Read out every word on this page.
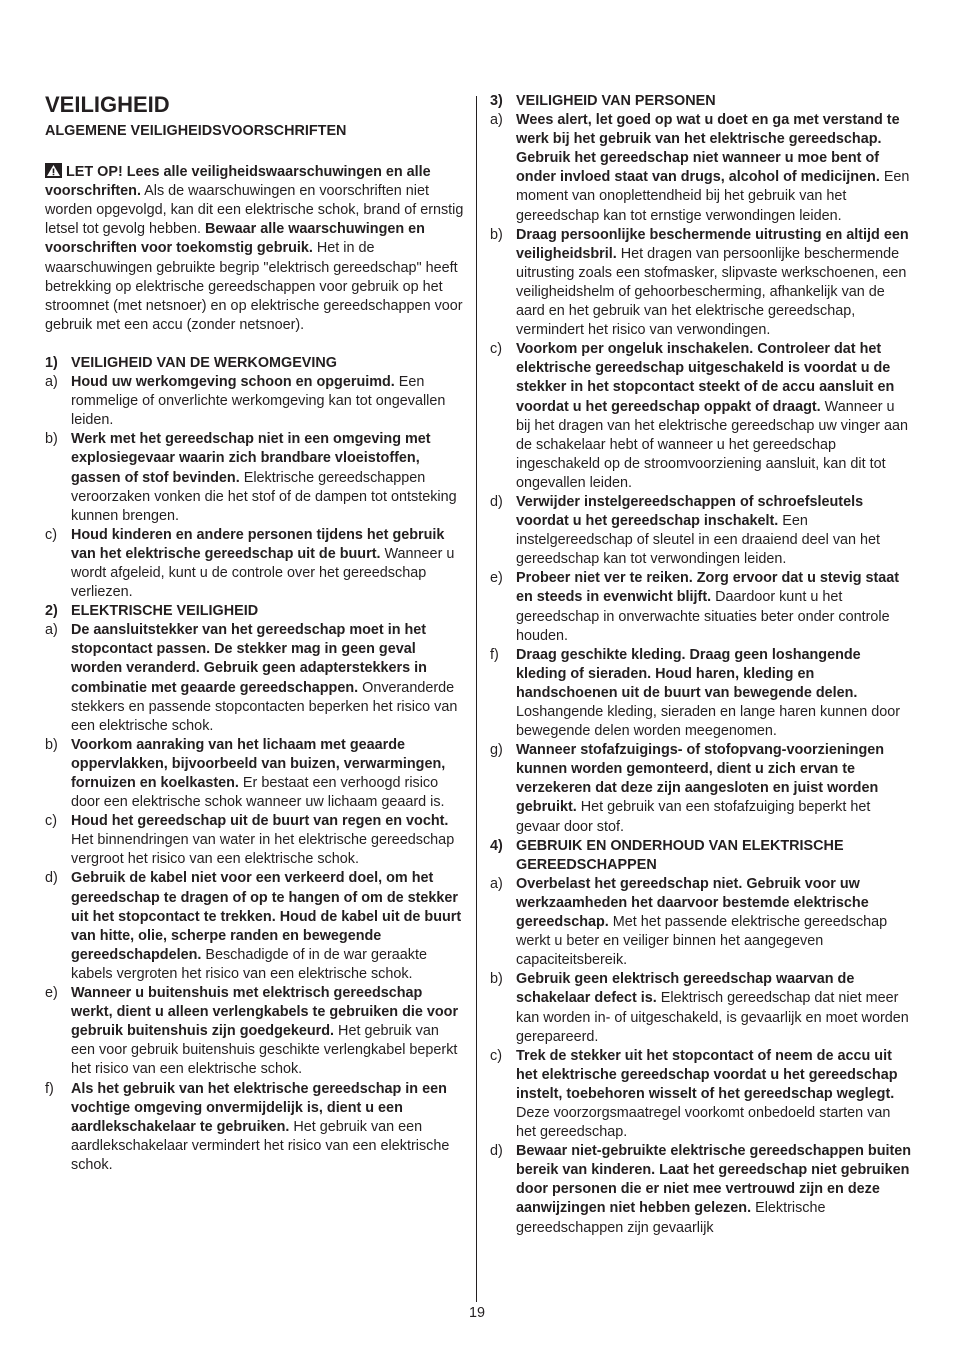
VEILIGHEID

ALGEMENE VEILIGHEIDSVOORSCHRIFTEN

LET OP! Lees alle veiligheidswaarschuwingen en alle voorschriften. Als de waarschuwingen en voorschriften niet worden opgevolgd, kan dit een elektrische schok, brand of ernstig letsel tot gevolg hebben. Bewaar alle waarschuwingen en voorschriften voor toekomstig gebruik. Het in de waarschuwingen gebruikte begrip "elektrisch gereedschap" heeft betrekking op elektrische gereedschappen voor gebruik op het stroomnet (met netsnoer) en op elektrische gereedschappen voor gebruik met een accu (zonder netsnoer).

1) VEILIGHEID VAN DE WERKOMGEVING

a) Houd uw werkomgeving schoon en opgeruimd. Een rommelige of onverlichte werkomgeving kan tot ongevallen leiden.
b) Werk met het gereedschap niet in een omgeving met explosiegevaar waarin zich brandbare vloeistoffen, gassen of stof bevinden. Elektrische gereedschappen veroorzaken vonken die het stof of de dampen tot ontsteking kunnen brengen.
c) Houd kinderen en andere personen tijdens het gebruik van het elektrische gereedschap uit de buurt. Wanneer u wordt afgeleid, kunt u de controle over het gereedschap verliezen.

2) ELEKTRISCHE VEILIGHEID

a) De aansluitstekker van het gereedschap moet in het stopcontact passen. De stekker mag in geen geval worden veranderd. Gebruik geen adapterstekkers in combinatie met geaarde gereedschappen. Onveranderde stekkers en passende stopcontacten beperken het risico van een elektrische schok.
b) Voorkom aanraking van het lichaam met geaarde oppervlakken, bijvoorbeeld van buizen, verwarmingen, fornuizen en koelkasten. Er bestaat een verhoogd risico door een elektrische schok wanneer uw lichaam geaard is.
c) Houd het gereedschap uit de buurt van regen en vocht. Het binnendringen van water in het elektrische gereedschap vergroot het risico van een elektrische schok.
d) Gebruik de kabel niet voor een verkeerd doel, om het gereedschap te dragen of op te hangen of om de stekker uit het stopcontact te trekken. Houd de kabel uit de buurt van hitte, olie, scherpe randen en bewegende gereedschapdelen. Beschadigde of in de war geraakte kabels vergroten het risico van een elektrische schok.
e) Wanneer u buitenshuis met elektrisch gereedschap werkt, dient u alleen verlengkabels te gebruiken die voor gebruik buitenshuis zijn goedgekeurd. Het gebruik van een voor gebruik buitenshuis geschikte verlengkabel beperkt het risico van een elektrische schok.
f)	Als het gebruik van het elektrische gereedschap in een vochtige omgeving onvermijdelijk is, dient u een aardlekschakelaar te gebruiken. Het gebruik van een aardlekschakelaar vermindert het risico van een elektrische schok.

3) VEILIGHEID VAN PERSONEN

a) Wees alert, let goed op wat u doet en ga met verstand te werk bij het gebruik van het elektrische gereedschap. Gebruik het gereedschap niet wanneer u moe bent of onder invloed staat van drugs, alcohol of medicijnen. Een moment van onoplettendheid bij het gebruik van het gereedschap kan tot ernstige verwondingen leiden.
b) Draag persoonlijke beschermende uitrusting en altijd een veiligheidsbril. Het dragen van persoonlijke beschermende uitrusting zoals een stofmasker, slipvaste werkschoenen, een veiligheidshelm of gehoorbescherming, afhankelijk van de aard en het gebruik van het elektrische gereedschap, vermindert het risico van verwondingen.
c) Voorkom per ongeluk inschakelen. Controleer dat het elektrische gereedschap uitgeschakeld is voordat u de stekker in het stopcontact steekt of de accu aansluit en voordat u het gereedschap oppakt of draagt. Wanneer u bij het dragen van het elektrische gereedschap uw vinger aan de schakelaar hebt of wanneer u het gereedschap ingeschakeld op de stroomvoorziening aansluit, kan dit tot ongevallen leiden.
d) Verwijder instelgereedschappen of schroefsleutels voordat u het gereedschap inschakelt. Een instelgereedschap of sleutel in een draaiend deel van het gereedschap kan tot verwondingen leiden.
e) Probeer niet ver te reiken. Zorg ervoor dat u stevig staat en steeds in evenwicht blijft. Daardoor kunt u het gereedschap in onverwachte situaties beter onder controle houden.
f)	Draag geschikte kleding. Draag geen loshangende kleding of sieraden. Houd haren, kleding en handschoenen uit de buurt van bewegende delen. Loshangende kleding, sieraden en lange haren kunnen door bewegende delen worden meegenomen.
g) Wanneer stofafzuigings- of stofopvang-voorzieningen kunnen worden gemonteerd, dient u zich ervan te verzekeren dat deze zijn aangesloten en juist worden gebruikt. Het gebruik van een stofafzuiging beperkt het gevaar door stof.

4) GEBRUIK EN ONDERHOUD VAN ELEKTRISCHE GEREEDSCHAPPEN

a) Overbelast het gereedschap niet. Gebruik voor uw werkzaamheden het daarvoor bestemde elektrische gereedschap. Met het passende elektrische gereedschap werkt u beter en veiliger binnen het aangegeven capaciteitsbereik.
b) Gebruik geen elektrisch gereedschap waarvan de schakelaar defect is. Elektrisch gereedschap dat niet meer kan worden in- of uitgeschakeld, is gevaarlijk en moet worden gerepareerd.
c) Trek de stekker uit het stopcontact of neem de accu uit het elektrische gereedschap voordat u het gereedschap instelt, toebehoren wisselt of het gereedschap weglegt. Deze voorzorgsmaatregel voorkomt onbedoeld starten van het gereedschap.
d) Bewaar niet-gebruikte elektrische gereedschappen buiten bereik van kinderen. Laat het gereedschap niet gebruiken door personen die er niet mee vertrouwd zijn en deze aanwijzingen niet hebben gelezen. Elektrische gereedschappen zijn gevaarlijk
19
